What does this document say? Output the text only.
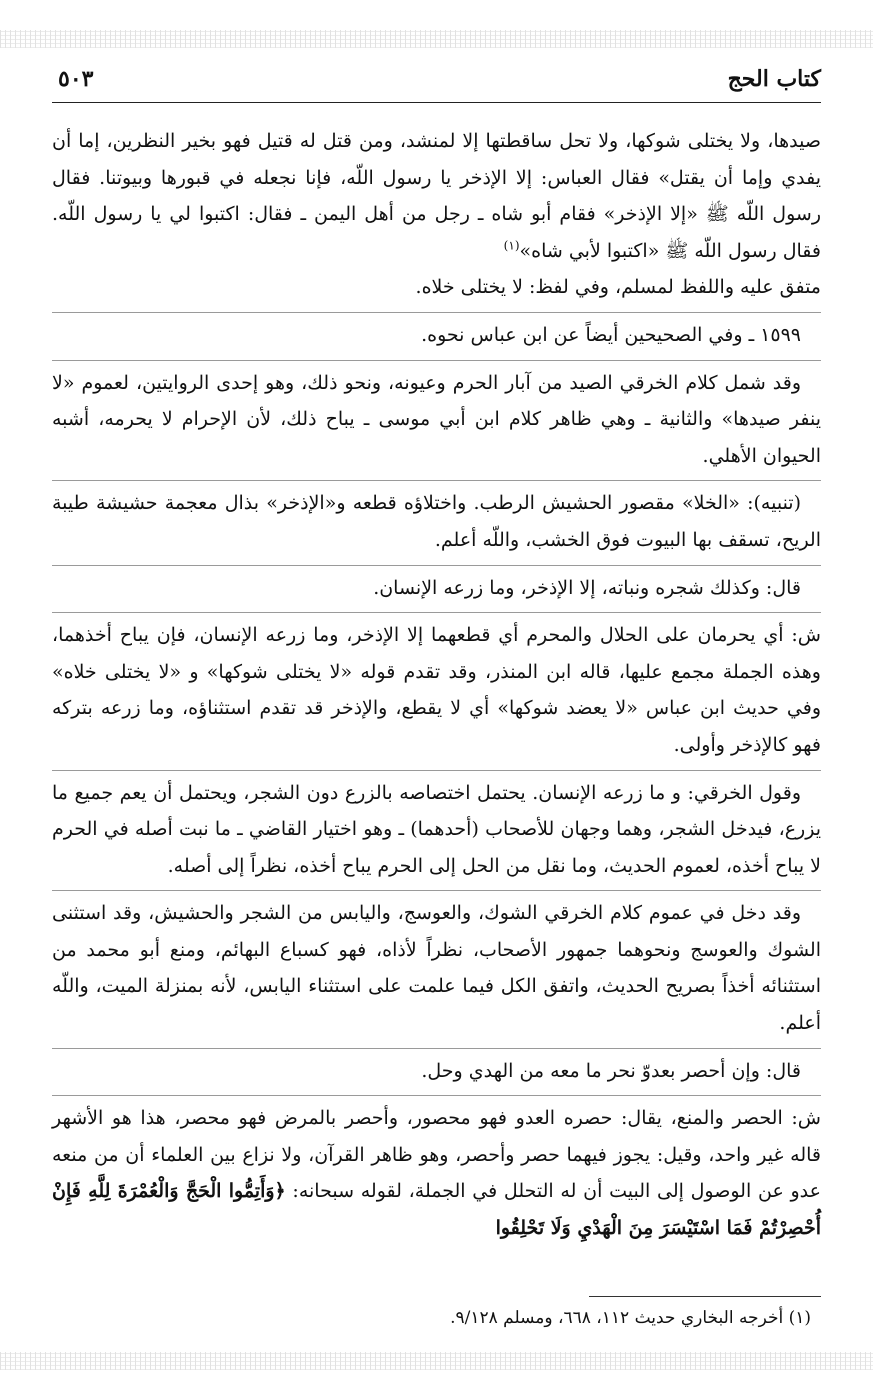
كتاب الحج
٥٠٣

صيدها، ولا يختلى شوكها، ولا تحل ساقطتها إلا لمنشد، ومن قتل له قتيل فهو بخير النظرين، إما أن يفدي وإما أن يقتل» فقال العباس: إلا الإذخر يا رسول اللّه، فإنا نجعله في قبورها وبيوتنا. فقال رسول اللّه ﷺ «إلا الإذخر» فقام أبو شاه ـ رجل من أهل اليمن ـ فقال: اكتبوا لي يا رسول اللّه. فقال رسول اللّه ﷺ «اكتبوا لأبي شاه»$^{(١)}$

متفق عليه واللفظ لمسلم، وفي لفظ: لا يختلى خلاه.

١٥٩٩ ـ وفي الصحيحين أيضاً عن ابن عباس نحوه.

وقد شمل كلام الخرقي الصيد من آبار الحرم وعيونه، ونحو ذلك، وهو إحدى الروايتين، لعموم «لا ينفر صيدها» والثانية ـ وهي ظاهر كلام ابن أبي موسى ـ يباح ذلك، لأن الإحرام لا يحرمه، أشبه الحيوان الأهلي.

(تنبيه): «الخلا» مقصور الحشيش الرطب. واختلاؤه قطعه و«الإذخر» بذال معجمة حشيشة طيبة الريح، تسقف بها البيوت فوق الخشب، واللّه أعلم.

قال: وكذلك شجره ونباته، إلا الإذخر، وما زرعه الإنسان.

ش: أي يحرمان على الحلال والمحرم أي قطعهما إلا الإذخر، وما زرعه الإنسان، فإن يباح أخذهما، وهذه الجملة مجمع عليها، قاله ابن المنذر، وقد تقدم قوله «لا يختلى شوكها» و «لا يختلى خلاه» وفي حديث ابن عباس «لا يعضد شوكها» أي لا يقطع، والإذخر قد تقدم استثناؤه، وما زرعه بتركه فهو كالإذخر وأولى.

وقول الخرقي: و ما زرعه الإنسان. يحتمل اختصاصه بالزرع دون الشجر، ويحتمل أن يعم جميع ما يزرع، فيدخل الشجر، وهما وجهان للأصحاب (أحدهما) ـ وهو اختيار القاضي ـ ما نبت أصله في الحرم لا يباح أخذه، لعموم الحديث، وما نقل من الحل إلى الحرم يباح أخذه، نظراً إلى أصله.

وقد دخل في عموم كلام الخرقي الشوك، والعوسج، واليابس من الشجر والحشيش، وقد استثنى الشوك والعوسج ونحوهما جمهور الأصحاب، نظراً لأذاه، فهو كسباع البهائم، ومنع أبو محمد من استثنائه أخذاً بصريح الحديث، واتفق الكل فيما علمت على استثناء اليابس، لأنه بمنزلة الميت، واللّه أعلم.

قال: وإن أحصر بعدوّ نحر ما معه من الهدي وحل.

ش: الحصر والمنع، يقال: حصره العدو فهو محصور، وأحصر بالمرض فهو محصر، هذا هو الأشهر قاله غير واحد، وقيل: يجوز فيهما حصر وأحصر، وهو ظاهر القرآن، ولا نزاع بين العلماء أن من منعه عدو عن الوصول إلى البيت أن له التحلل في الجملة، لقوله سبحانه: ﴿وَأَتِمُّوا الْحَجَّ وَالْعُمْرَةَ لِلَّهِ فَإِنْ أُحْصِرْتُمْ فَمَا اسْتَيْسَرَ مِنَ الْهَدْيِ وَلَا تَحْلِقُوا

(١) أخرجه البخاري حديث ١١٢، ٦٦٨، ومسلم ٩/١٢٨.
